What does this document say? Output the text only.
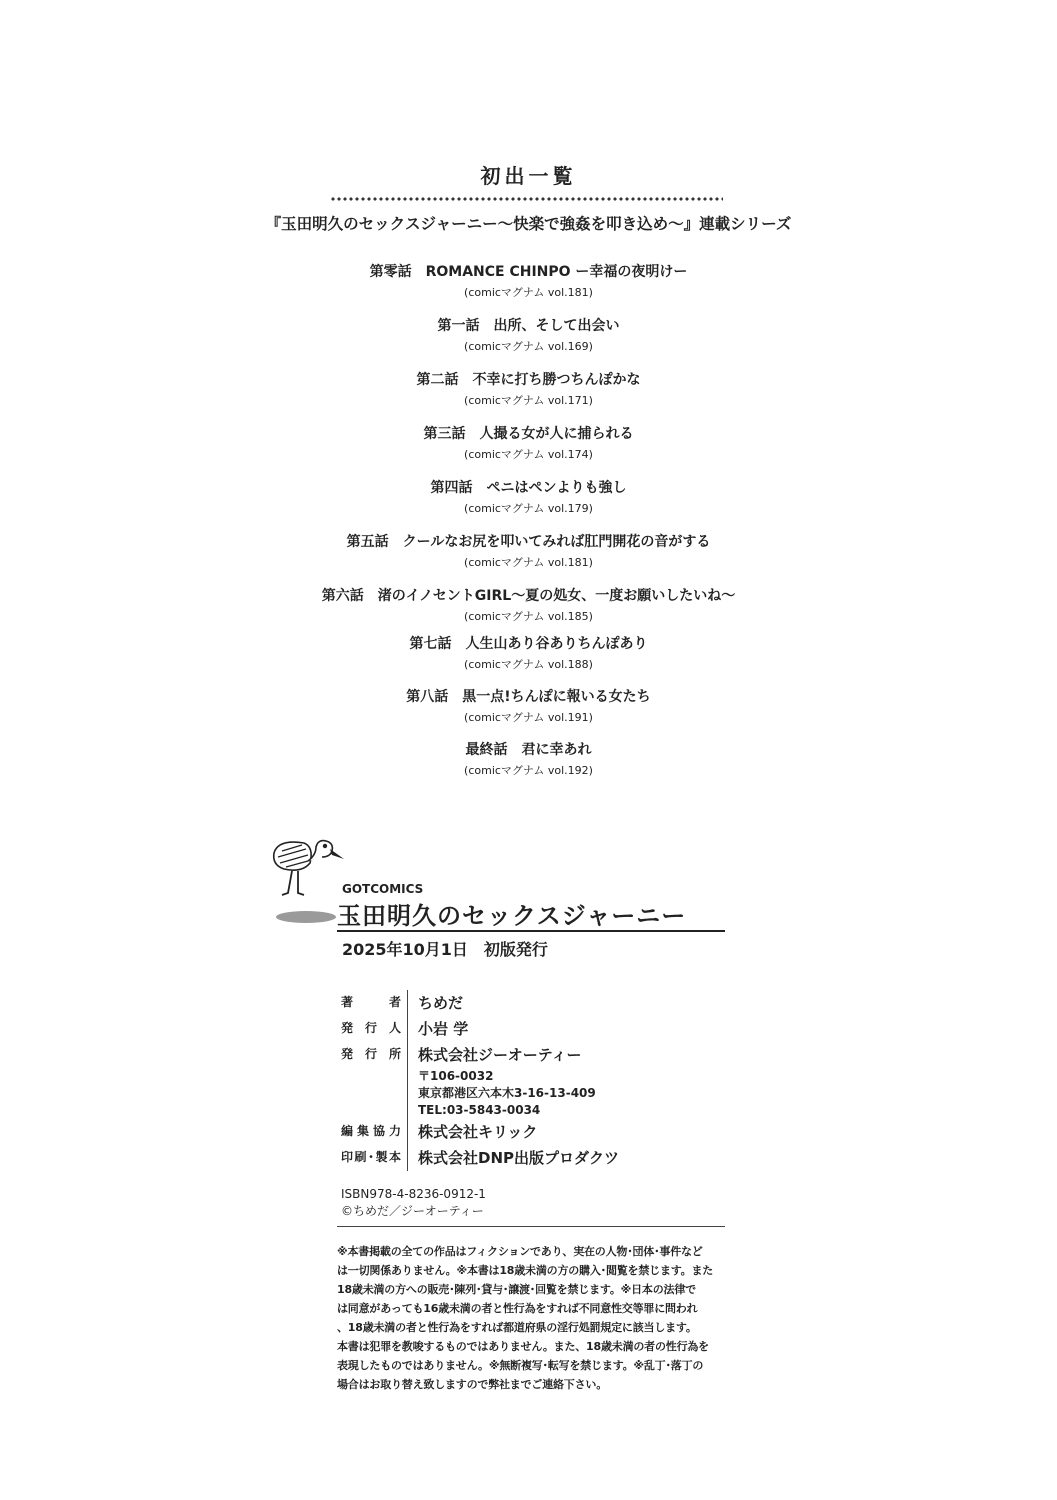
初出一覧
『玉田明久のセックスジャーニー～快楽で強姦を叩き込め～』連載シリーズ
第零話　ROMANCE CHINPO ー幸福の夜明けー
(comicマグナム vol.181)
第一話　出所、そして出会い
(comicマグナム vol.169)
第二話　不幸に打ち勝つちんぽかな
(comicマグナム vol.171)
第三話　人撮る女が人に捕られる
(comicマグナム vol.174)
第四話　ペニはペンよりも強し
(comicマグナム vol.179)
第五話　クールなお尻を叩いてみれば肛門開花の音がする
(comicマグナム vol.181)
第六話　渚のイノセントGIRL～夏の処女、一度お願いしたいね～
(comicマグナム vol.185)
第七話　人生山あり谷ありちんぽあり
(comicマグナム vol.188)
第八話　黒一点!ちんぽに報いる女たち
(comicマグナム vol.191)
最終話　君に幸あれ
(comicマグナム vol.192)
GOTCOMICS
玉田明久のセックスジャーニー
2025年10月1日　初版発行
著者	ちめだ
発行人	小岩 学
発行所	株式会社ジーオーティー
〒106-0032
東京都港区六本木3-16-13-409
TEL:03-5843-0034
編集協力	株式会社キリック
印刷･製本	株式会社DNP出版プロダクツ
ISBN978-4-8236-0912-1
©ちめだ／ジーオーティー
※本書掲載の全ての作品はフィクションであり、実在の人物･団体･事件など
は一切関係ありません。※本書は18歳未満の方の購入･閲覧を禁じます。また
18歳未満の方への販売･陳列･貸与･譲渡･回覧を禁じます。※日本の法律で
は同意があっても16歳未満の者と性行為をすれば不同意性交等罪に問われ
、18歳未満の者と性行為をすれば都道府県の淫行処罰規定に該当します。
本書は犯罪を教唆するものではありません。また、18歳未満の者の性行為を
表現したものではありません。※無断複写･転写を禁じます。※乱丁･落丁の
場合はお取り替え致しますので弊社までご連絡下さい。
